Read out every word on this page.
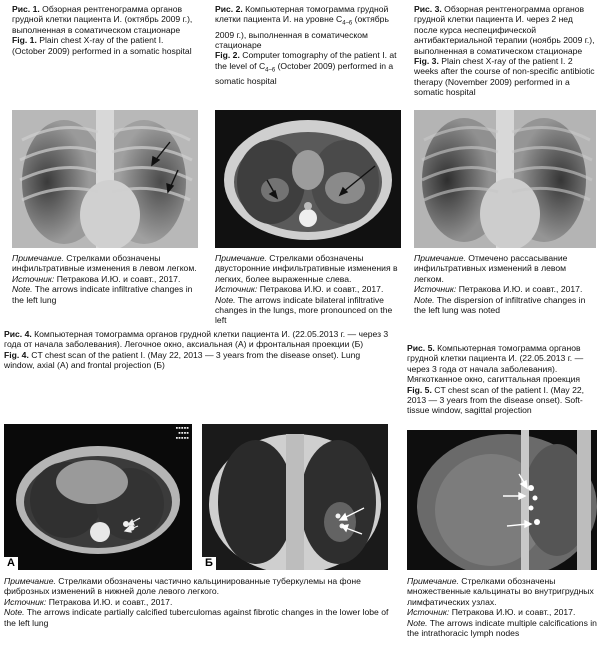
Рис. 1. Обзорная рентгенограмма органов грудной клетки пациента И. (октябрь 2009 г.), выполненная в соматическом стационаре
Fig. 1. Plain chest X-ray of the patient I. (October 2009) performed in a somatic hospital
Примечание. Стрелками обозначены инфильтративные изменения в левом легком.
Источник: Петракова И.Ю. и соавт., 2017.
Note. The arrows indicate infiltrative changes in the left lung
Рис. 2. Компьютерная томограмма грудной клетки пациента И. на уровне $C_{4-6}$ (октябрь 2009 г.), выполненная в соматическом стационаре
Fig. 2. Computer tomography of the patient I. at the level of $C_{4-6}$ (October 2009) performed in a somatic hospital
Примечание. Стрелками обозначены двусторонние инфильтративные изменения в легких, более выраженные слева.
Источник: Петракова И.Ю. и соавт., 2017.
Note. The arrows indicate bilateral infiltrative changes in the lungs, more pronounced on the left
Рис. 3. Обзорная рентгенограмма органов грудной клетки пациента И. через 2 нед после курса неспецифической антибактериальной терапии (ноябрь 2009 г.), выполненная в соматическом стационаре
Fig. 3. Plain chest X-ray of the patient I. 2 weeks after the course of non-specific antibiotic therapy (November 2009) performed in a somatic hospital
Примечание. Отмечено рассасывание инфильтративных изменений в левом легком.
Источник: Петракова И.Ю. и соавт., 2017.
Note. The dispersion of infiltrative changes in the left lung was noted
Рис. 4. Компьютерная томограмма органов грудной клетки пациента И. (22.05.2013 г. — через 3 года от начала заболевания). Легочное окно, аксиальная (А) и фронтальная проекции (Б)
Fig. 4. CT chest scan of the patient I. (May 22, 2013 — 3 years from the disease onset). Lung window, axial (A) and frontal projection (Б)
▪▪▪▪▪
▪▪▪▪
▪▪▪▪▪
А	Б
Примечание. Стрелками обозначены частично кальцинированные туберкулемы на фоне фиброзных изменений в нижней доле левого легкого.
Источник: Петракова И.Ю. и соавт., 2017.
Note. The arrows indicate partially calcified tuberculomas against fibrotic changes in the lower lobe of the left lung
Рис. 5. Компьютерная томограмма органов грудной клетки пациента И. (22.05.2013 г. — через 3 года от начала заболевания). Мягкотканное окно, сагиттальная проекция
Fig. 5. CT chest scan of the patient I. (May 22, 2013 — 3 years from the disease onset). Soft-tissue window, sagittal projection
Примечание. Стрелками обозначены множественные кальцинаты во внутригрудных лимфатических узлах.
Источник: Петракова И.Ю. и соавт., 2017.
Note. The arrows indicate multiple calcifications in the intrathoracic lymph nodes
